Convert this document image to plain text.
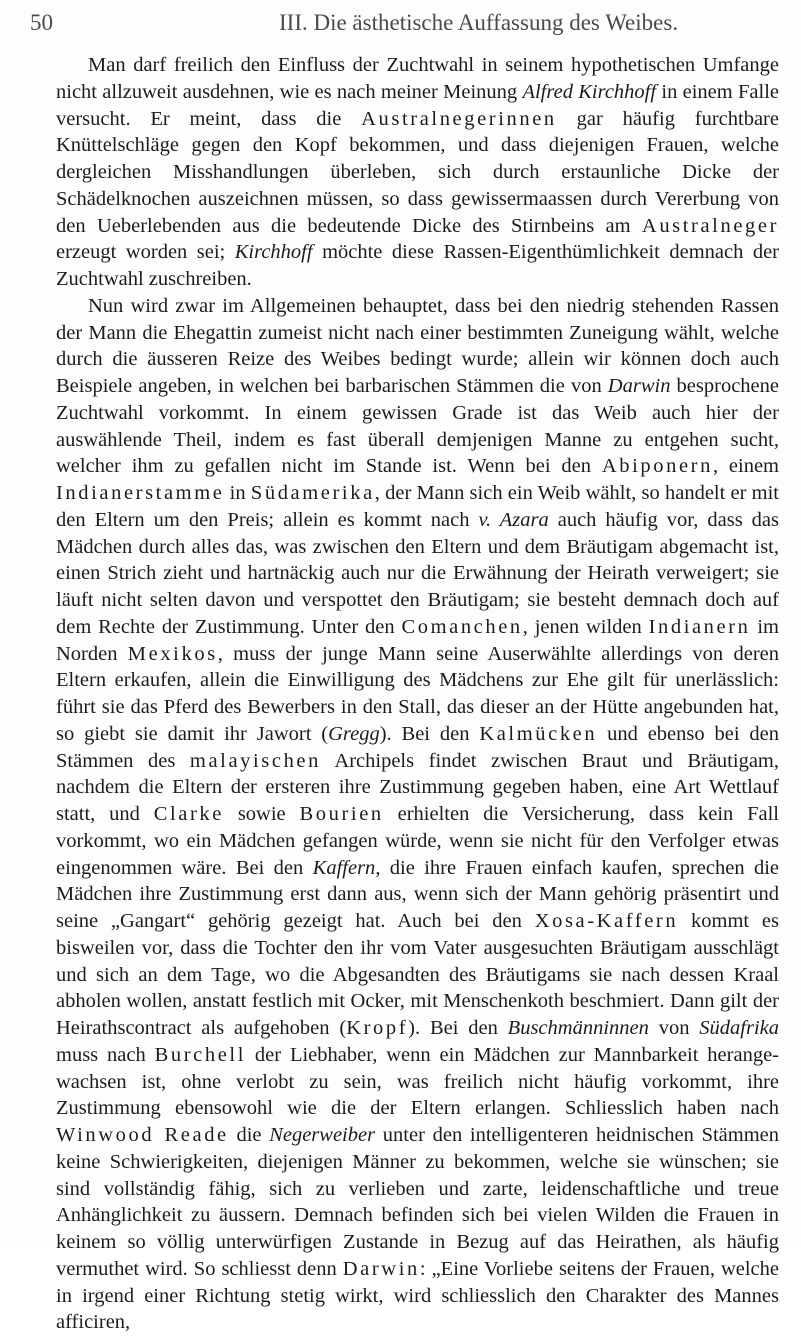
50	III. Die ästhetische Auffassung des Weibes.

Man darf freilich den Einfluss der Zuchtwahl in seinem hypothetischen Umfange nicht allzuweit ausdehnen, wie es nach meiner Meinung Alfred Kirchhoff in einem Falle versucht. Er meint, dass die Australnegerinnen gar häufig furchtbare Knüttelschläge gegen den Kopf bekommen, und dass diejenigen Frauen, welche dergleichen Misshandlungen überleben, sich durch erstaunliche Dicke der Schädelknochen auszeichnen müssen, so dass gewissermaassen durch Vererbung von den Ueberlebenden aus die bedeutende Dicke des Stirnbeins am Australneger erzeugt worden sei; Kirchhoff möchte diese Rassen-Eigenthümlichkeit demnach der Zuchtwahl zuschreiben.

Nun wird zwar im Allgemeinen behauptet, dass bei den niedrig stehenden Rassen der Mann die Ehegattin zumeist nicht nach einer bestimmten Zuneigung wählt, welche durch die äusseren Reize des Weibes bedingt wurde; allein wir können doch auch Beispiele angeben, in welchen bei barbarischen Stämmen die von Darwin besprochene Zuchtwahl vorkommt. In einem gewissen Grade ist das Weib auch hier der auswählende Theil, indem es fast überall demjenigen Manne zu entgehen sucht, welcher ihm zu gefallen nicht im Stande ist. Wenn bei den Abiponern, einem Indianerstamme in Südamerika, der Mann sich ein Weib wählt, so handelt er mit den Eltern um den Preis; allein es kommt nach v. Azara auch häufig vor, dass das Mädchen durch alles das, was zwischen den Eltern und dem Bräutigam abgemacht ist, einen Strich zieht und hartnäckig auch nur die Erwähnung der Heirath verweigert; sie läuft nicht selten davon und verspottet den Bräutigam; sie besteht demnach doch auf dem Rechte der Zustimmung. Unter den Comanchen, jenen wilden Indianern im Norden Mexikos, muss der junge Mann seine Auserwählte allerdings von deren Eltern erkaufen, allein die Einwilligung des Mädchens zur Ehe gilt für unerlässlich: führt sie das Pferd des Bewerbers in den Stall, das dieser an der Hütte angebunden hat, so giebt sie damit ihr Jawort (Gregg). Bei den Kalmücken und ebenso bei den Stämmen des malayischen Archipels findet zwischen Braut und Bräutigam, nachdem die Eltern der ersteren ihre Zustimmung gegeben haben, eine Art Wettlauf statt, und Clarke sowie Bourien erhielten die Versicherung, dass kein Fall vorkommt, wo ein Mädchen gefangen würde, wenn sie nicht für den Verfolger etwas eingenommen wäre. Bei den Kaffern, die ihre Frauen einfach kaufen, sprechen die Mädchen ihre Zustimmung erst dann aus, wenn sich der Mann gehörig präsentirt und seine „Gangart“ gehörig gezeigt hat. Auch bei den Xosa-Kaffern kommt es bisweilen vor, dass die Tochter den ihr vom Vater ausgesuchten Bräutigam ausschlägt und sich an dem Tage, wo die Abgesandten des Bräutigams sie nach dessen Kraal abholen wollen, anstatt festlich mit Ocker, mit Menschenkoth beschmiert. Dann gilt der Heirathscontract als aufgehoben (Kropf). Bei den Buschmänninnen von Südafrika muss nach Burchell der Liebhaber, wenn ein Mädchen zur Mannbarkeit herangewachsen ist, ohne verlobt zu sein, was freilich nicht häufig vorkommt, ihre Zustimmung ebensowohl wie die der Eltern erlangen. Schliesslich haben nach Winwood Reade die Negerweiber unter den intelligenteren heidnischen Stämmen keine Schwierigkeiten, diejenigen Männer zu bekommen, welche sie wünschen; sie sind vollständig fähig, sich zu verlieben und zarte, leidenschaftliche und treue Anhänglichkeit zu äussern. Demnach befinden sich bei vielen Wilden die Frauen in keinem so völlig unterwürfigen Zustande in Bezug auf das Heirathen, als häufig vermuthet wird. So schliesst denn Darwin: „Eine Vorliebe seitens der Frauen, welche in irgend einer Richtung stetig wirkt, wird schliesslich den Charakter des Mannes afficiren,
